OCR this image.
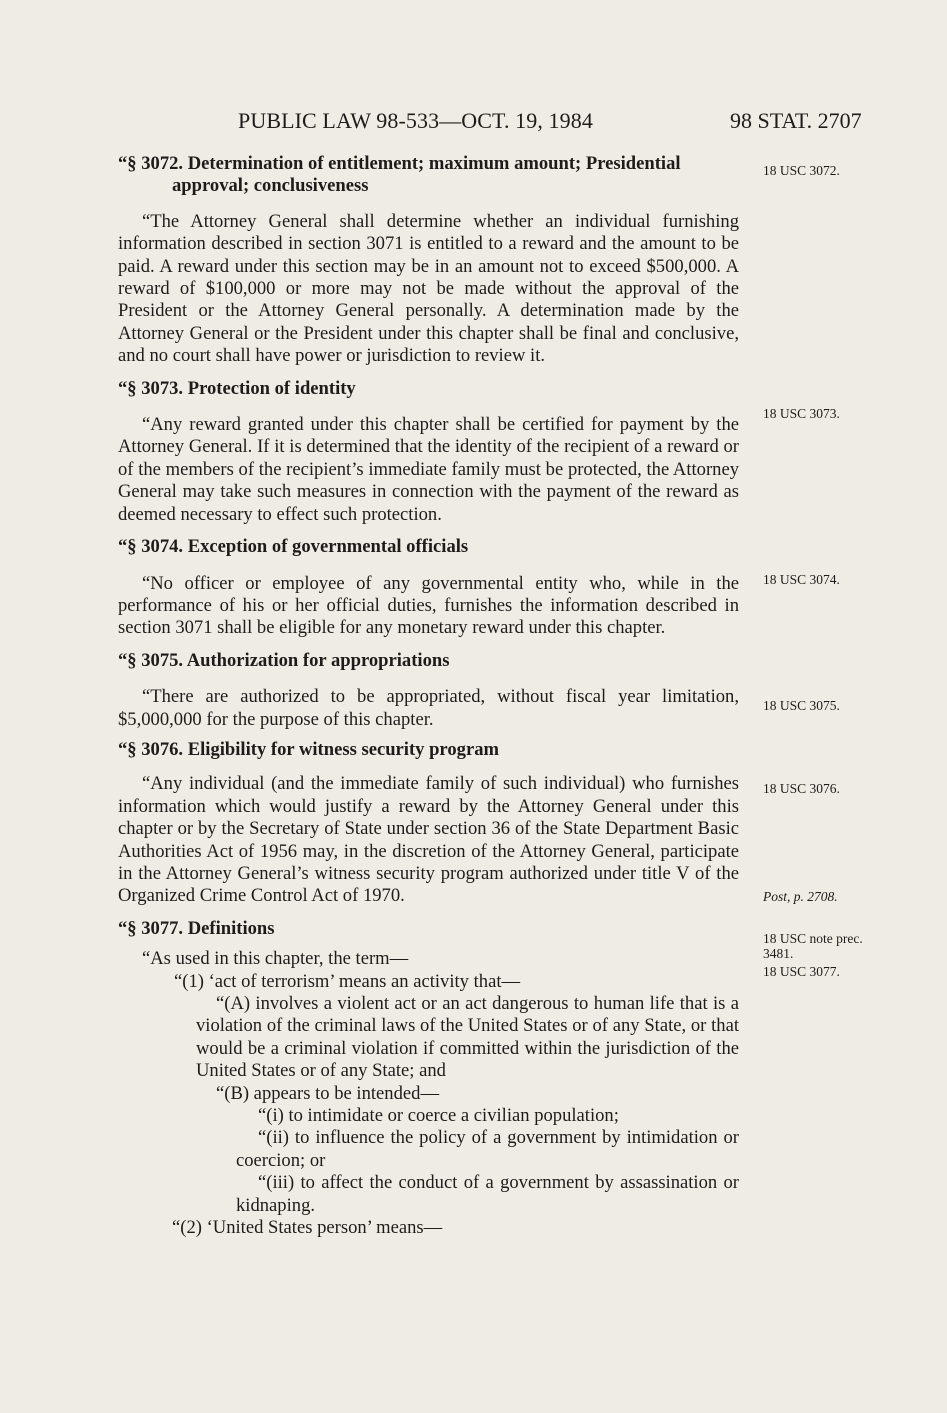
PUBLIC LAW 98-533—OCT. 19, 1984	98 STAT. 2707

“§ 3072. Determination of entitlement; maximum amount; Presidential approval; conclusiveness

“The Attorney General shall determine whether an individual furnishing information described in section 3071 is entitled to a reward and the amount to be paid. A reward under this section may be in an amount not to exceed $500,000. A reward of $100,000 or more may not be made without the approval of the President or the Attorney General personally. A determination made by the Attorney General or the President under this chapter shall be final and conclusive, and no court shall have power or jurisdiction to review it.

“§ 3073. Protection of identity

“Any reward granted under this chapter shall be certified for payment by the Attorney General. If it is determined that the identity of the recipient of a reward or of the members of the recipient’s immediate family must be protected, the Attorney General may take such measures in connection with the payment of the reward as deemed necessary to effect such protection.

“§ 3074. Exception of governmental officials

“No officer or employee of any governmental entity who, while in the performance of his or her official duties, furnishes the information described in section 3071 shall be eligible for any monetary reward under this chapter.

“§ 3075. Authorization for appropriations

“There are authorized to be appropriated, without fiscal year limitation, $5,000,000 for the purpose of this chapter.

“§ 3076. Eligibility for witness security program

“Any individual (and the immediate family of such individual) who furnishes information which would justify a reward by the Attorney General under this chapter or by the Secretary of State under section 36 of the State Department Basic Authorities Act of 1956 may, in the discretion of the Attorney General, participate in the Attorney General’s witness security program authorized under title V of the Organized Crime Control Act of 1970.

“§ 3077. Definitions

“As used in this chapter, the term—

“(1) ‘act of terrorism’ means an activity that—

“(A) involves a violent act or an act dangerous to human life that is a violation of the criminal laws of the United States or of any State, or that would be a criminal violation if committed within the jurisdiction of the United States or of any State; and

“(B) appears to be intended—

“(i) to intimidate or coerce a civilian population;

“(ii) to influence the policy of a government by intimidation or coercion; or

“(iii) to affect the conduct of a government by assassination or kidnaping.

“(2) ‘United States person’ means—

18 USC 3072.
18 USC 3073.
18 USC 3074.
18 USC 3075.
18 USC 3076.
Post, p. 2708.
18 USC note prec. 3481.
18 USC 3077.
